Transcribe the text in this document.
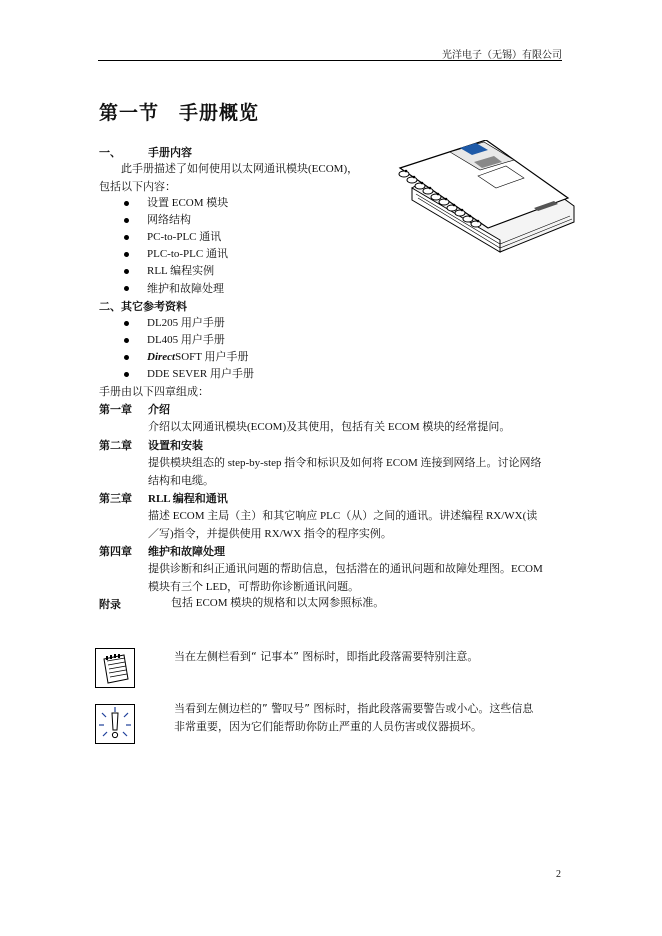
光洋电子（无锡）有限公司
第一节　手册概览
一、 手册内容
此手册描述了如何使用以太网通讯模块(ECOM)，
包括以下内容：
设置 ECOM 模块
网络结构
PC-to-PLC 通讯
PLC-to-PLC 通讯
RLL 编程实例
维护和故障处理
二、其它参考资料
DL205 用户手册
DL405 用户手册
DirectSOFT 用户手册
DDE SEVER 用户手册
手册由以下四章组成：
第一章 介绍
介绍以太网通讯模块(ECOM)及其使用，包括有关 ECOM 模块的经常提问。
第二章 设置和安装
提供模块组态的 step-by-step 指令和标识及如何将 ECOM 连接到网络上。讨论网络
结构和电缆。
第三章 RLL 编程和通讯
描述 ECOM 主局（主）和其它响应 PLC（从）之间的通讯。讲述编程 RX/WX(读
／写)指令，并提供使用 RX/WX 指令的程序实例。
第四章 维护和故障处理
提供诊断和纠正通讯问题的帮助信息，包括潜在的通讯问题和故障处理图。ECOM
模块有三个 LED，可帮助你诊断通讯问题。
附录	包括 ECOM 模块的规格和以太网参照标准。
当在左侧栏看到“ 记事本” 图标时，即指此段落需要特别注意。
当看到左侧边栏的” 警叹号” 图标时，指此段落需要警告或小心。这些信息
非常重要，因为它们能帮助你防止严重的人员伤害或仪器损坏。
2
